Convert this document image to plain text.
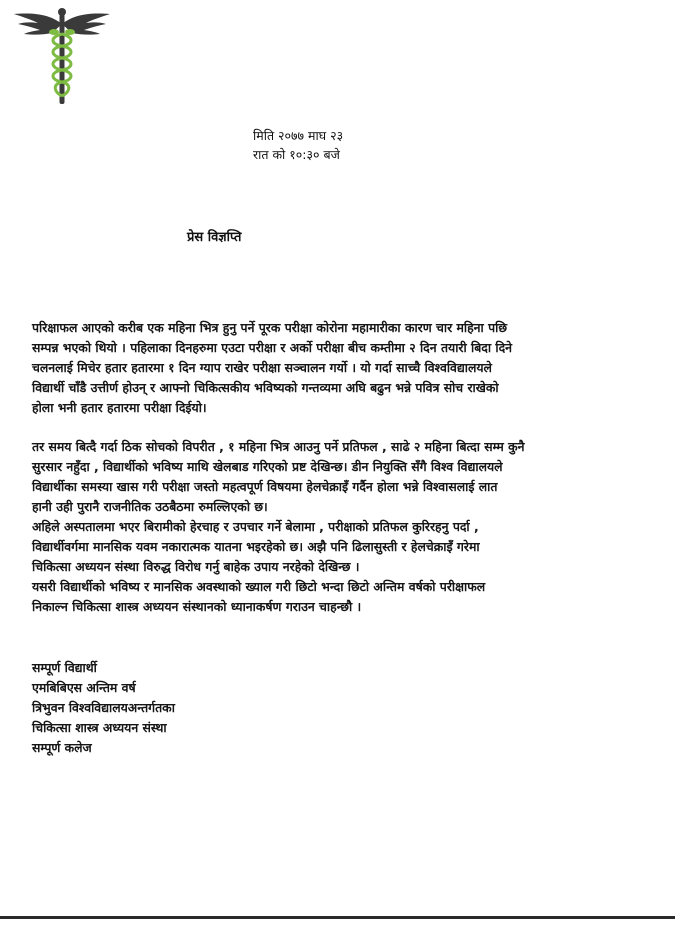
मिति २०७७ माघ २३
रात को १०:३० बजे
प्रेस विज्ञप्ति

परिक्षाफल आएको करीब एक महिना भित्र हुनु पर्ने पूरक परीक्षा कोरोना महामारीका कारण चार महिना पछि
सम्पन्न भएको थियो । पहिलाका दिनहरुमा एउटा परीक्षा र अर्को परीक्षा बीच कम्तीमा २ दिन तयारी बिदा दिने
चलनलाई मिचेर हतार हतारमा १ दिन ग्याप राखेर परीक्षा सञ्चालन गर्यो । यो गर्दा साच्चै विश्वविद्यालयले
विद्यार्थी चाँडै उत्तीर्ण होउन् र आफ्नो चिकित्सकीय भविष्यको गन्तव्यमा अघि बढुन भन्ने पवित्र सोच राखेको
होला भनी हतार हतारमा परीक्षा दिईयो।

तर समय बित्दै गर्दा ठिक सोचको विपरीत , १ महिना भित्र आउनु पर्ने प्रतिफल , साढे २ महिना बित्दा सम्म कुनै
सुरसार नहुँदा , विद्यार्थीको भविष्य माथि खेलबाड गरिएको प्रष्ट देखिन्छ। डीन नियुक्ति सँगै विश्व विद्यालयले
विद्यार्थीका समस्या खास गरी परीक्षा जस्तो महत्वपूर्ण विषयमा हेलचेक्राइँ गर्दैन होला भन्ने विश्वासलाई लात
हानी उही पुरानै राजनीतिक उठबैठमा रुमल्लिएको छ।
अहिले अस्पतालमा भएर बिरामीको हेरचाह र उपचार गर्ने बेलामा , परीक्षाको प्रतिफल कुरिरहनु पर्दा ,
विद्यार्थीवर्गमा मानसिक यवम नकारात्मक यातना भइरहेको छ। अझै पनि ढिलासुस्ती र हेलचेक्राइँ गरेमा
चिकित्सा अध्ययन संस्था विरुद्ध विरोध गर्नु बाहेक उपाय नरहेको देखिन्छ ।
यसरी विद्यार्थीको भविष्य र मानसिक अवस्थाको ख्याल गरी छिटो भन्दा छिटो अन्तिम वर्षको परीक्षाफल
निकाल्न चिकित्सा शास्त्र अध्ययन संस्थानको ध्यानाकर्षण गराउन चाहन्छौ ।

सम्पूर्ण विद्यार्थी
एमबिबिएस अन्तिम वर्ष
त्रिभुवन विश्वविद्यालयअन्तर्गतका
चिकित्सा शास्त्र अध्ययन संस्था
सम्पूर्ण कलेज
